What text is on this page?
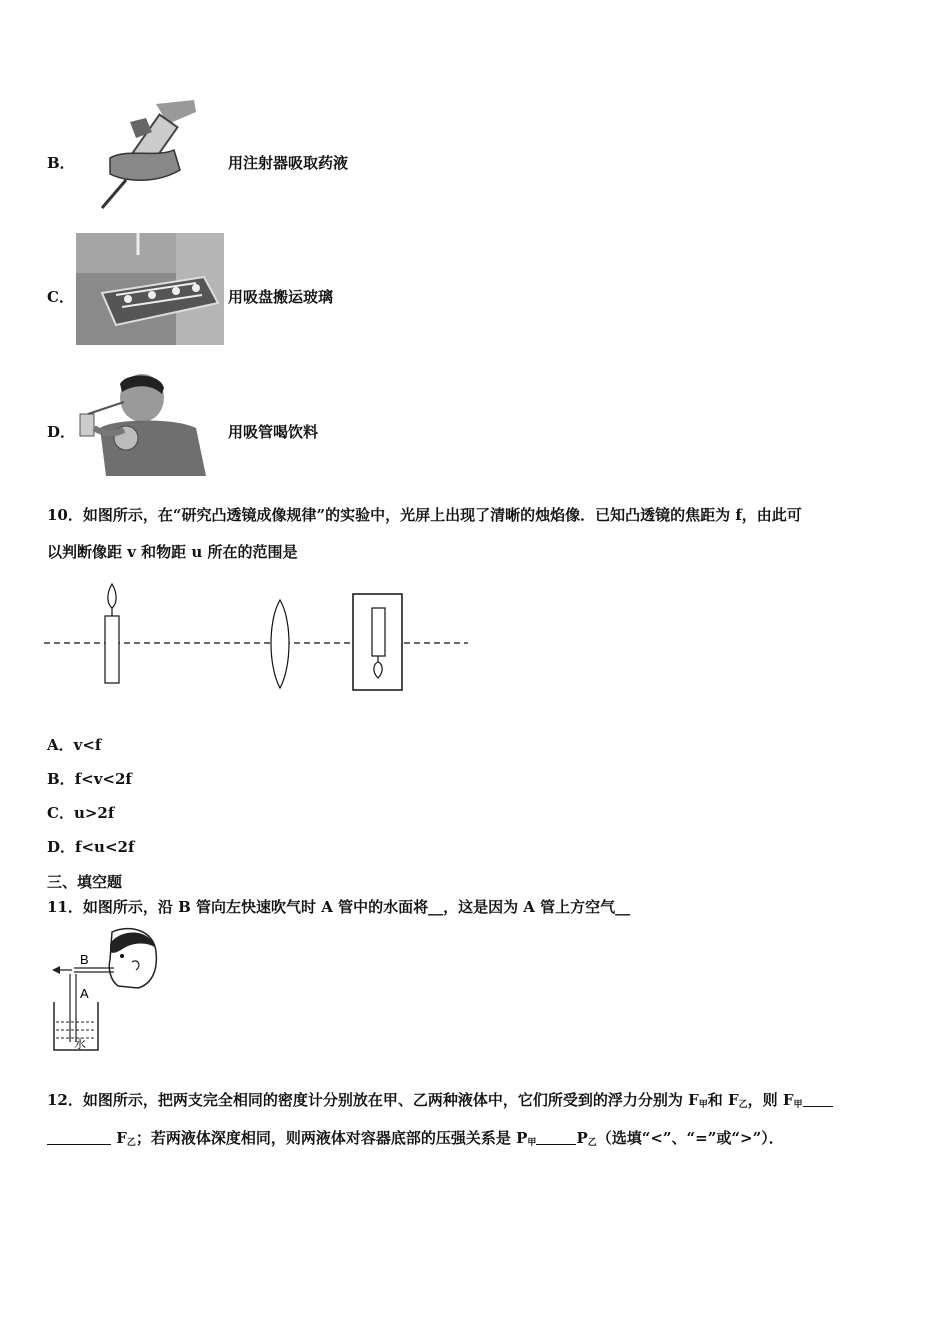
B．	用注射器吸取药液
C．	用吸盘搬运玻璃
D．	用吸管喝饮料
10．如图所示，在“研究凸透镜成像规律”的实验中，光屏上出现了清晰的烛焰像．已知凸透镜的焦距为 f，由此可
以判断像距 v 和物距 u 所在的范围是
A．v<f
B．f<v<2f
C．u>2f
D．f<u<2f
三、填空题
11．如图所示，沿 B 管向左快速吹气时 A 管中的水面将__，这是因为 A 管上方空气__
B
A
水
12．如图所示，把两支完全相同的密度计分别放在甲、乙两种液体中，它们所受到的浮力分别为 $F_甲$和 $F_乙$，则 $F_甲$
$F_乙$；若两液体深度相同，则两液体对容器底部的压强关系是 $P_甲$	$P_乙$（选填“<”、“=”或“>”）．
